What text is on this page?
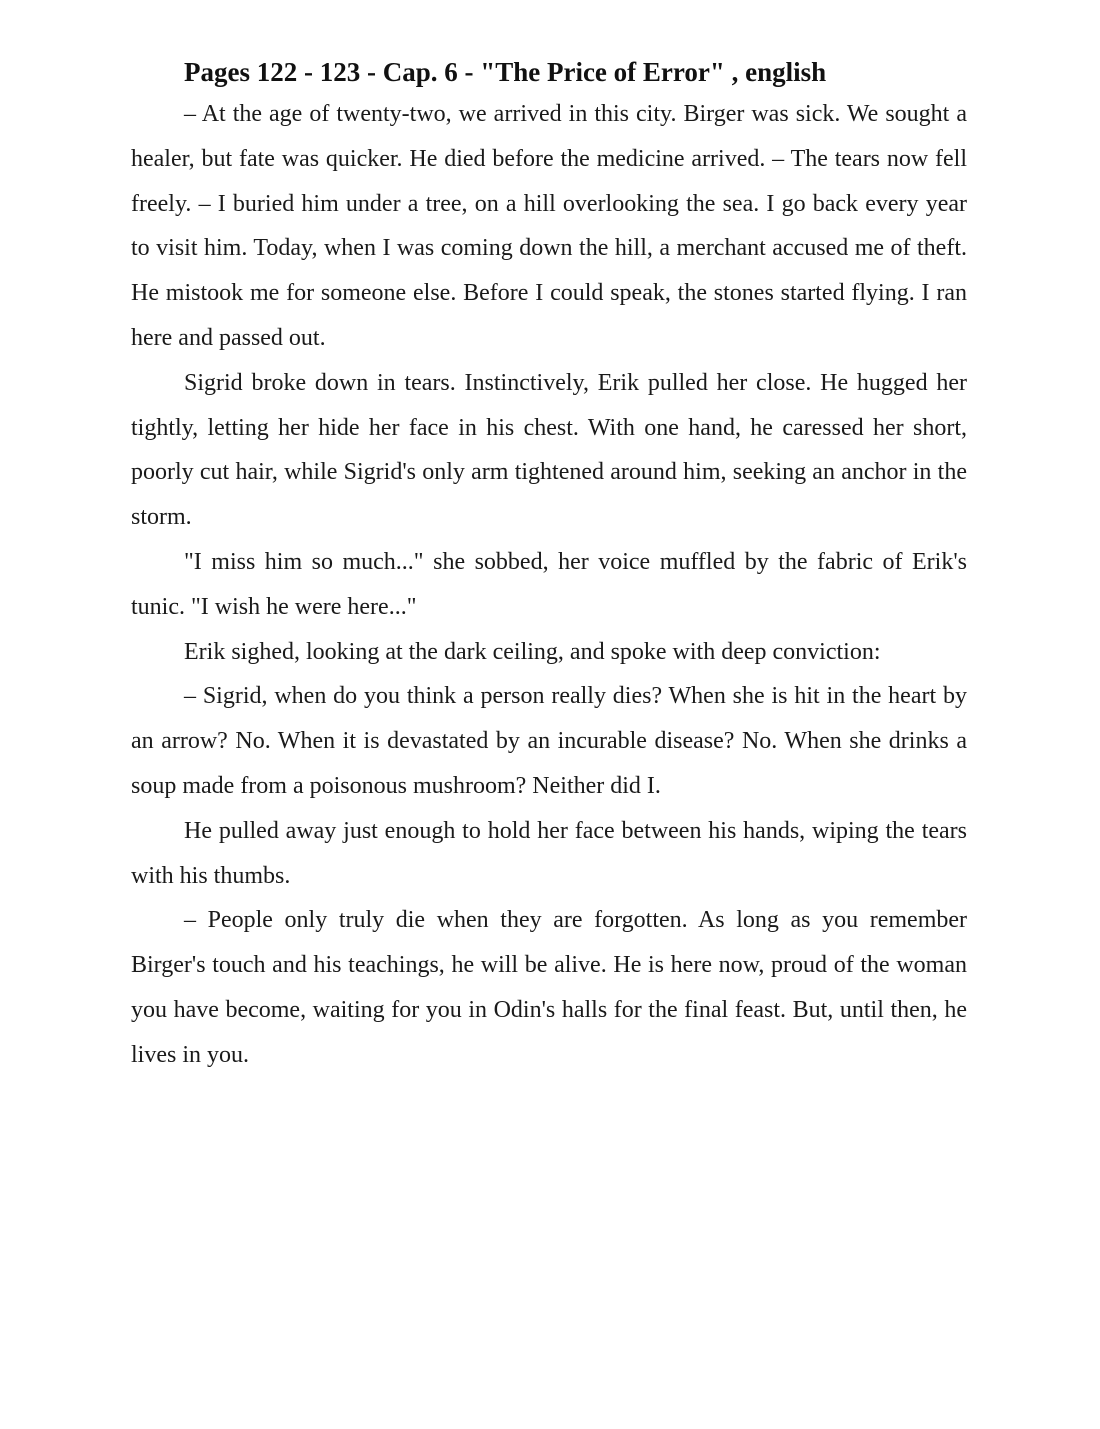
Pages 122 - 123 - Cap. 6 - "The Price of Error" , english

– At the age of twenty-two, we arrived in this city. Birger was sick. We sought a healer, but fate was quicker. He died before the medicine arrived. – The tears now fell freely. – I buried him under a tree, on a hill overlooking the sea. I go back every year to visit him. Today, when I was coming down the hill, a merchant accused me of theft. He mistook me for someone else. Before I could speak, the stones started flying. I ran here and passed out.

Sigrid broke down in tears. Instinctively, Erik pulled her close. He hugged her tightly, letting her hide her face in his chest. With one hand, he caressed her short, poorly cut hair, while Sigrid's only arm tightened around him, seeking an anchor in the storm.

"I miss him so much..." she sobbed, her voice muffled by the fabric of Erik's tunic. "I wish he were here..."

Erik sighed, looking at the dark ceiling, and spoke with deep conviction:

– Sigrid, when do you think a person really dies? When she is hit in the heart by an arrow? No. When it is devastated by an incurable disease? No. When she drinks a soup made from a poisonous mushroom? Neither did I.

He pulled away just enough to hold her face between his hands, wiping the tears with his thumbs.

– People only truly die when they are forgotten. As long as you remember Birger's touch and his teachings, he will be alive. He is here now, proud of the woman you have become, waiting for you in Odin's halls for the final feast. But, until then, he lives in you.
